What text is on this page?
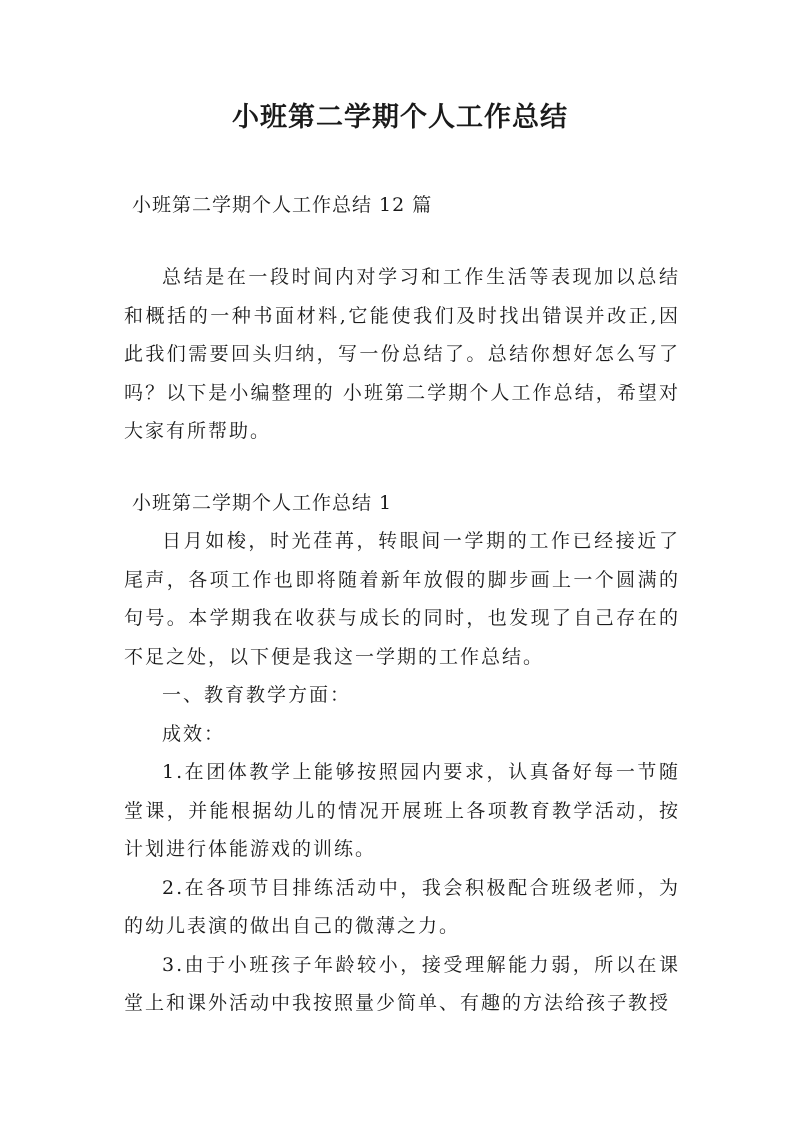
小班第二学期个人工作总结
小班第二学期个人工作总结 12 篇

总结是在一段时间内对学习和工作生活等表现加以总结和概括的一种书面材料,它能使我们及时找出错误并改正,因此我们需要回头归纳，写一份总结了。总结你想好怎么写了吗？以下是小编整理的 小班第二学期个人工作总结，希望对大家有所帮助。

小班第二学期个人工作总结 1

日月如梭，时光荏苒，转眼间一学期的工作已经接近了尾声，各项工作也即将随着新年放假的脚步画上一个圆满的句号。本学期我在收获与成长的同时，也发现了自己存在的不足之处，以下便是我这一学期的工作总结。

一、教育教学方面：

成效：

1.在团体教学上能够按照园内要求，认真备好每一节随堂课，并能根据幼儿的情况开展班上各项教育教学活动，按计划进行体能游戏的训练。

2.在各项节目排练活动中，我会积极配合班级老师，为的幼儿表演的做出自己的微薄之力。

3.由于小班孩子年龄较小，接受理解能力弱，所以在课堂上和课外活动中我按照量少简单、有趣的方法给孩子教授
